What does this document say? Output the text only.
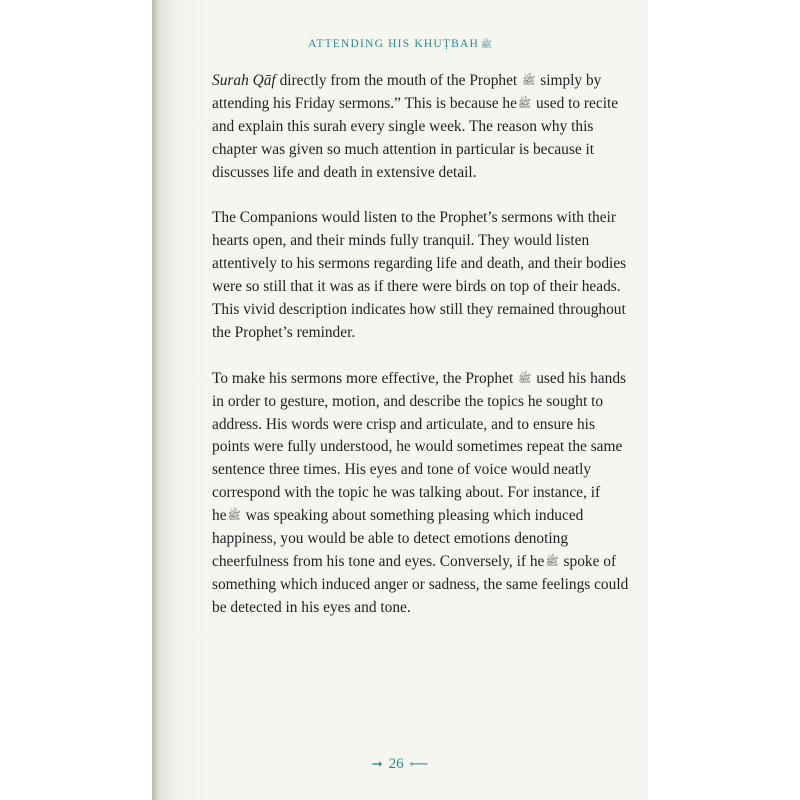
ATTENDING HIS KHUṬBAH ﷺ

Surah Qāf directly from the mouth of the Prophet ﷺ simply by attending his Friday sermons.” This is because heﷺ used to recite and explain this surah every single week. The reason why this chapter was given so much attention in particular is because it discusses life and death in extensive detail.

The Companions would listen to the Prophet’s sermons with their hearts open, and their minds fully tranquil. They would listen attentively to his sermons regarding life and death, and their bodies were so still that it was as if there were birds on top of their heads. This vivid description indicates how still they remained throughout the Prophet’s reminder.

To make his sermons more effective, the Prophet ﷺ used his hands in order to gesture, motion, and describe the topics he sought to address. His words were crisp and articulate, and to ensure his points were fully understood, he would sometimes repeat the same sentence three times. His eyes and tone of voice would neatly correspond with the topic he was talking about. For instance, if heﷺ was speaking about something pleasing which induced happiness, you would be able to detect emotions denoting cheerfulness from his tone and eyes. Conversely, if heﷺ spoke of something which induced anger or sadness, the same feelings could be detected in his eyes and tone.

➞ 26 ⟵
